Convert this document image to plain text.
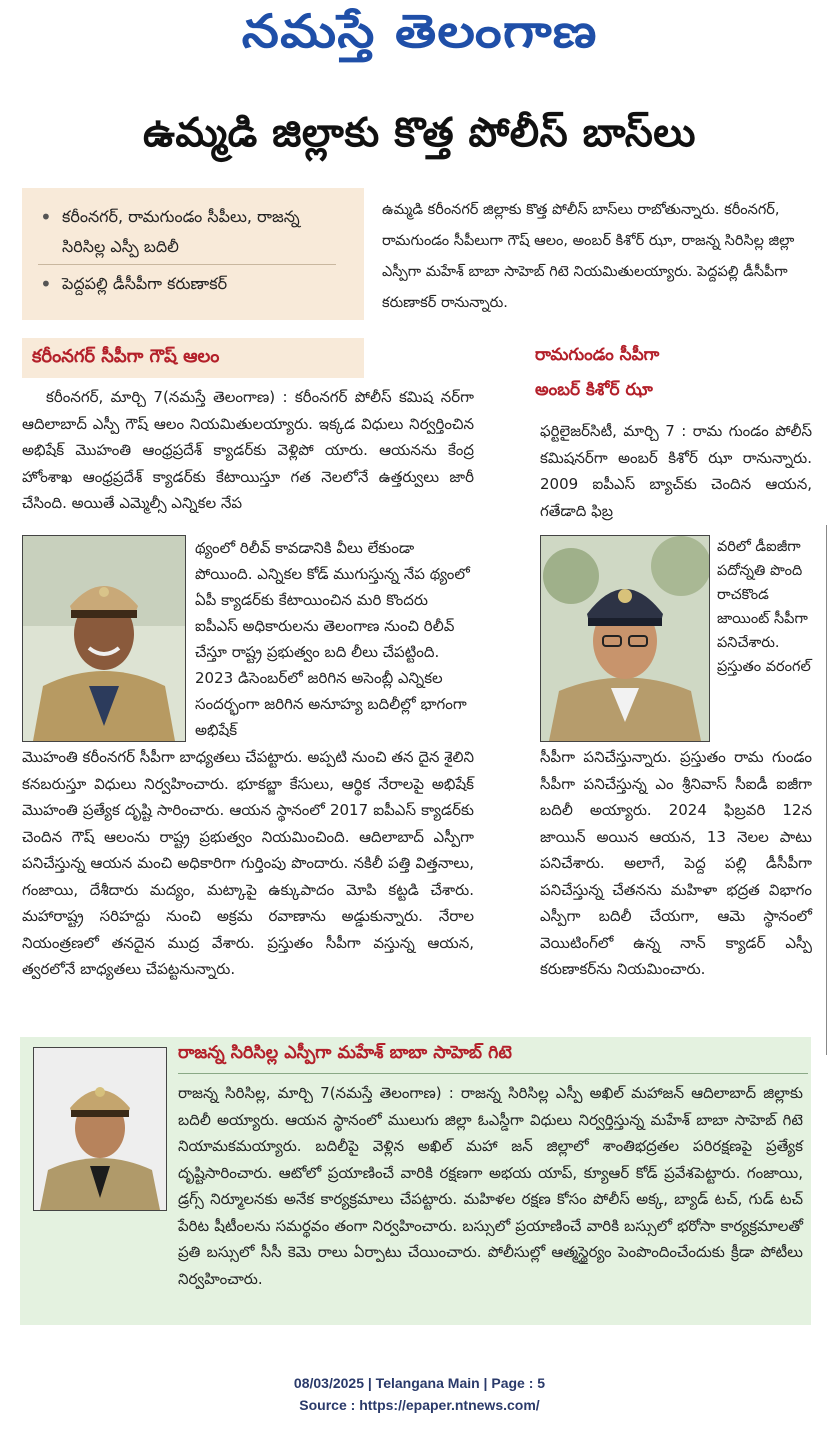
నమస్తే తెలంగాణ
ఉమ్మడి జిల్లాకు కొత్త పోలీస్ బాస్‌లు
• కరీంనగర్, రామగుండం సీపీలు, రాజన్న సిరిసిల్ల ఎస్పీ బదిలీ
• పెద్దపల్లి డీసీపీగా కరుణాకర్
ఉమ్మడి కరీంనగర్ జిల్లాకు కొత్త పోలీస్ బాస్‌లు రాబోతున్నారు. కరీంనగర్, రామగుండం సీపీలుగా గౌష్ ఆలం, అంబర్ కిశోర్ ఝా, రాజన్న సిరిసిల్ల జిల్లా ఎస్పీగా మహేశ్ బాబా సాహెబ్ గిటె నియమితులయ్యారు. పెద్దపల్లి డీసీపీగా కరుణాకర్ రానున్నారు.
కరీంనగర్ సీపీగా గౌష్ ఆలం	రామగుండం సీపీగా
అంబర్ కిశోర్ ఝా

కరీంనగర్, మార్చి 7(నమస్తే తెలంగాణ) : కరీంనగర్ పోలీస్ కమిష నర్‌గా ఆదిలాబాద్ ఎస్పీ గౌష్ ఆలం నియమితులయ్యారు. ఇక్కడ విధులు నిర్వర్తించిన అభిషేక్ మొహంతి ఆంధ్రప్రదేశ్ క్యాడర్‌కు వెళ్లిపో యారు. ఆయనను కేంద్ర హోంశాఖ ఆంధ్రప్రదేశ్ క్యాడర్‌కు కేటాయిస్తూ గత నెలలోనే ఉత్తర్వులు జారీ చేసింది. అయితే ఎమ్మెల్సీ ఎన్నికల నేప

థ్యంలో రిలీవ్ కావడానికి వీలు లేకుండా పోయింది. ఎన్నికల కోడ్ ముగుస్తున్న నేప థ్యంలో ఏపీ క్యాడర్‌కు కేటాయించిన మరి కొందరు ఐపీఎస్ అధికారులను తెలంగాణ నుంచి రిలీవ్ చేస్తూ రాష్ట్ర ప్రభుత్వం బది లీలు చేపట్టింది. 2023 డిసెంబర్‌లో జరిగిన అసెంబ్లీ ఎన్నికల సందర్భంగా జరిగిన అనూహ్య బదిలీల్లో భాగంగా అభిషేక్
మొహంతి కరీంనగర్ సీపీగా బాధ్యతలు చేపట్టారు. అప్పటి నుంచి తన దైన శైలిని కనబరుస్తూ విధులు నిర్వహించారు. భూకబ్జా కేసులు, ఆర్థిక నేరాలపై అభిషేక్ మొహంతి ప్రత్యేక దృష్టి సారించారు. ఆయన స్థానంలో 2017 ఐపీఎస్ క్యాడర్‌కు చెందిన గౌష్ ఆలంను రాష్ట్ర ప్రభుత్వం నియమించింది. ఆదిలాబాద్ ఎస్పీగా పనిచేస్తున్న ఆయన మంచి అధికారిగా గుర్తింపు పొందారు. నకిలీ పత్తి విత్తనాలు, గంజాయి, దేశీదారు మద్యం, మట్కాపై ఉక్కుపాదం మోపి కట్టడి చేశారు. మహారాష్ట్ర సరిహద్దు నుంచి అక్రమ రవాణాను అడ్డుకున్నారు. నేరాల నియంత్రణలో తనదైన ముద్ర వేశారు. ప్రస్తుతం సీపీగా వస్తున్న ఆయన, త్వరలోనే బాధ్యతలు చేపట్టనున్నారు.
ఫర్టిలైజర్‌సిటీ, మార్చి 7 : రామ గుండం పోలీస్ కమిషనర్‌గా అంబర్ కిశోర్ ఝా రానున్నారు. 2009 ఐపీఎస్ బ్యాచ్‌కు చెందిన ఆయన, గతేడాది ఫిబ్ర
వరిలో డీఐజీగా పదోన్నతి పొంది రాచకొండ జాయింట్ సీపీగా పనిచేశారు. ప్రస్తుతం వరంగల్
సీపీగా పనిచేస్తున్నారు. ప్రస్తుతం రామ గుండం సీపీగా పనిచేస్తున్న ఎం శ్రీనివాస్ సీఐడీ ఐజీగా బదిలీ అయ్యారు. 2024 ఫిబ్రవరి 12న జాయిన్ అయిన ఆయన, 13 నెలల పాటు పనిచేశారు. అలాగే, పెద్ద పల్లి డీసీపీగా పనిచేస్తున్న చేతనను మహిళా భద్రత విభాగం ఎస్పీగా బదిలీ చేయగా, ఆమె స్థానంలో వెయిటింగ్‌లో ఉన్న నాన్ క్యాడర్ ఎస్పీ కరుణాకర్‌ను నియమించారు.
రాజన్న సిరిసిల్ల ఎస్పీగా మహేశ్ బాబా సాహెబ్ గిటె
రాజన్న సిరిసిల్ల, మార్చి 7(నమస్తే తెలంగాణ) : రాజన్న సిరిసిల్ల ఎస్పీ అఖిల్ మహాజన్ ఆదిలాబాద్ జిల్లాకు బదిలీ అయ్యారు. ఆయన స్థానంలో ములుగు జిల్లా ఓఎస్డీగా విధులు నిర్వర్తిస్తున్న మహేశ్ బాబా సాహెబ్ గిటె నియామకమయ్యారు. బదిలీపై వెళ్లిన అఖిల్ మహా జన్ జిల్లాలో శాంతిభద్రతల పరిరక్షణపై ప్రత్యేక దృష్టిసారించారు. ఆటోలో ప్రయాణించే వారికి రక్షణగా అభయ యాప్, క్యూఆర్ కోడ్ ప్రవేశపెట్టారు. గంజాయి, డ్రగ్స్ నిర్మూలనకు అనేక కార్యక్రమాలు చేపట్టారు. మహిళల రక్షణ కోసం పోలీస్ అక్క, బ్యాడ్ టచ్, గుడ్ టచ్ పేరిట షీటీంలను సమర్థవం తంగా నిర్వహించారు. బస్సులో ప్రయాణించే వారికి బస్సులో భరోసా కార్యక్రమాలతో ప్రతి బస్సులో సీసీ కెమె రాలు ఏర్పాటు చేయించారు. పోలీసుల్లో ఆత్మస్థైర్యం పెంపొందించేందుకు క్రీడా పోటీలు నిర్వహించారు.
08/03/2025 | Telangana Main | Page : 5
Source : https://epaper.ntnews.com/
